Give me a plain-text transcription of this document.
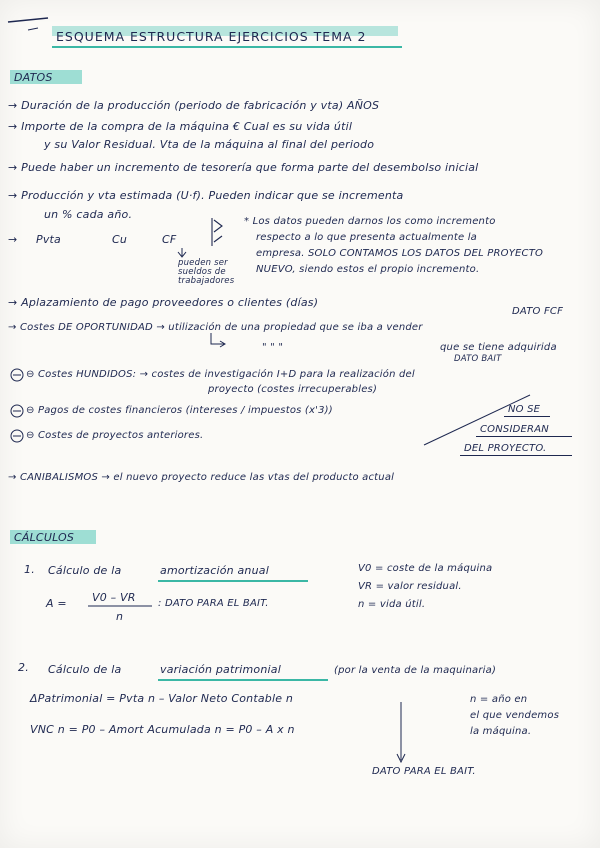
ESQUEMA ESTRUCTURA EJERCICIOS TEMA 2
DATOS
→ Duración de la producción (periodo de fabricación y vta) AÑOS
→ Importe de la compra de la máquina € Cual es su vida útil
y su Valor Residual. Vta de la máquina al final del periodo
→ Puede haber un incremento de tesorería que forma parte del desembolso inicial
→ Producción y vta estimada (U·f). Pueden indicar que se incrementa
un % cada año.
→ Pvta	Cu	CF
pueden ser
sueldos de
trabajadores
* Los datos pueden darnos los como incremento
respecto a lo que presenta actualmente la
empresa. SOLO CONTAMOS LOS DATOS DEL PROYECTO
NUEVO, siendo estos el propio incremento.
→ Aplazamiento de pago proveedores o clientes (días)
DATO FCF
→ Costes DE OPORTUNIDAD → utilización de una propiedad que se iba a vender
" " "	que se tiene adquirida
DATO BAIT
⊖ Costes HUNDIDOS: → costes de investigación I+D para la realización del
proyecto (costes irrecuperables)
⊖ Pagos de costes financieros (intereses / impuestos (x'3))
⊖ Costes de proyectos anteriores.
NO SE
CONSIDERAN
DEL PROYECTO.
→ CANIBALISMOS → el nuevo proyecto reduce las vtas del producto actual
CÁLCULOS
1. Cálculo de la	amortización anual
A = V0 – VR
n
: DATO PARA EL BAIT.
V0 = coste de la máquina
VR = valor residual.
n = vida útil.
2. Cálculo de la	variación patrimonial	(por la venta de la maquinaria)
ΔPatrimonial = Pvta n – Valor Neto Contable n
VNC n = P0 – Amort Acumulada n = P0 – A x n
n = año en
el que vendemos
la máquina.
DATO PARA EL BAIT.
